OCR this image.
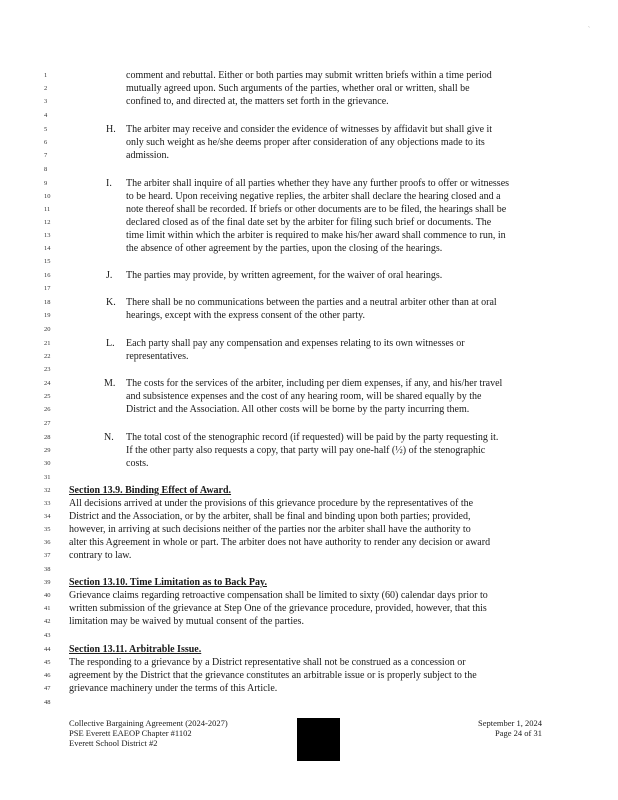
`
1
2
3
4
5
6
7
8
9
10
11
12
13
14
15
16
17
18
19
20
21
22
23
24
25
26
27
28
29
30
31
32
33
34
35
36
37
38
39
40
41
42
43
44
45
46
47
48
comment and rebuttal. Either or both parties may submit written briefs within a time period
mutually agreed upon. Such arguments of the parties, whether oral or written, shall be
confined to, and directed at, the matters set forth in the grievance.
H. The arbiter may receive and consider the evidence of witnesses by affidavit but shall give it
only such weight as he/she deems proper after consideration of any objections made to its
admission.
I. The arbiter shall inquire of all parties whether they have any further proofs to offer or witnesses
to be heard. Upon receiving negative replies, the arbiter shall declare the hearing closed and a
note thereof shall be recorded. If briefs or other documents are to be filed, the hearings shall be
declared closed as of the final date set by the arbiter for filing such brief or documents. The
time limit within which the arbiter is required to make his/her award shall commence to run, in
the absence of other agreement by the parties, upon the closing of the hearings.
J. The parties may provide, by written agreement, for the waiver of oral hearings.
K. There shall be no communications between the parties and a neutral arbiter other than at oral
hearings, except with the express consent of the other party.
L. Each party shall pay any compensation and expenses relating to its own witnesses or
representatives.
M. The costs for the services of the arbiter, including per diem expenses, if any, and his/her travel
and subsistence expenses and the cost of any hearing room, will be shared equally by the
District and the Association. All other costs will be borne by the party incurring them.
N. The total cost of the stenographic record (if requested) will be paid by the party requesting it.
If the other party also requests a copy, that party will pay one-half (½) of the stenographic
costs.
Section 13.9. Binding Effect of Award.
All decisions arrived at under the provisions of this grievance procedure by the representatives of the
District and the Association, or by the arbiter, shall be final and binding upon both parties; provided,
however, in arriving at such decisions neither of the parties nor the arbiter shall have the authority to
alter this Agreement in whole or part. The arbiter does not have authority to render any decision or award
contrary to law.
Section 13.10. Time Limitation as to Back Pay.
Grievance claims regarding retroactive compensation shall be limited to sixty (60) calendar days prior to
written submission of the grievance at Step One of the grievance procedure, provided, however, that this
limitation may be waived by mutual consent of the parties.
Section 13.11. Arbitrable Issue.
The responding to a grievance by a District representative shall not be construed as a concession or
agreement by the District that the grievance constitutes an arbitrable issue or is properly subject to the
grievance machinery under the terms of this Article.
Collective Bargaining Agreement (2024-2027)
PSE Everett EAEOP Chapter #1102
Everett School District #2
September 1, 2024
Page 24 of 31
